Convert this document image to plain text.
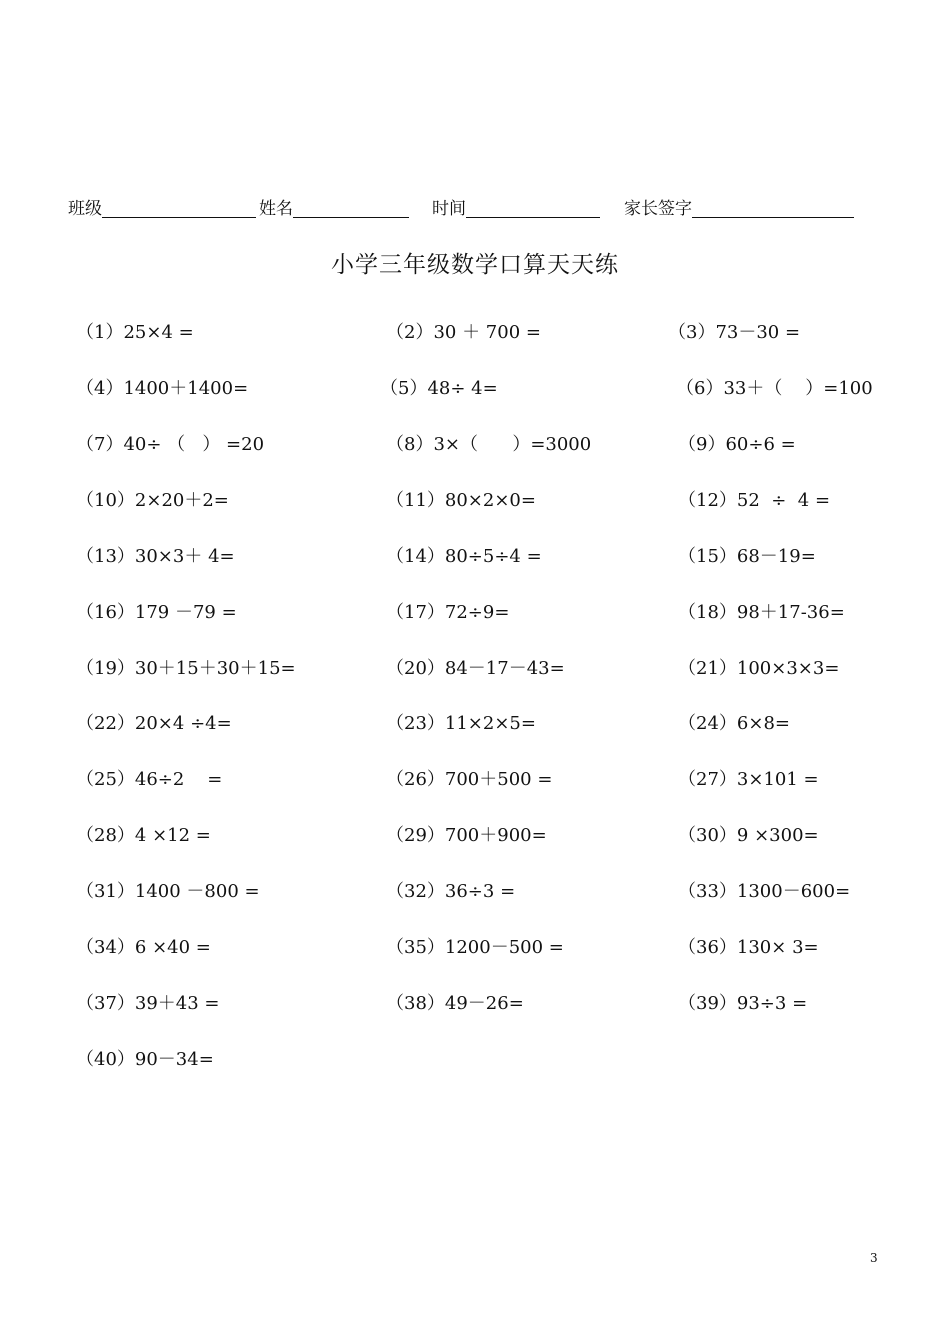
班级	姓名	时间	家长签字
小学三年级数学口算天天练
（1）25×4 =	（2）30 ＋ 700 =	（3）73－30 =
（4）1400＋1400=	（5）48÷ 4=	（6）33＋（    ）=100
（7）40÷ （   ） =20	（8）3×（      ）=3000	（9）60÷6 =
（10）2×20＋2=	（11）80×2×0=	（12）52  ÷  4 =
（13）30×3＋ 4=	（14）80÷5÷4 =	（15）68－19=
（16）179 －79 =	（17）72÷9=	（18）98＋17-36=
（19）30＋15＋30＋15=	（20）84－17－43=	（21）100×3×3=
（22）20×4 ÷4=	（23）11×2×5=	（24）6×8=
（25）46÷2    =	（26）700＋500 =	（27）3×101 =
（28）4 ×12 =	（29）700＋900=	（30）9 ×300=
（31）1400 －800 =	（32）36÷3 =	（33）1300－600=
（34）6 ×40 =	（35）1200－500 =	（36）130× 3=
（37）39＋43 =	（38）49－26=	（39）93÷3 =
（40）90－34=
3
